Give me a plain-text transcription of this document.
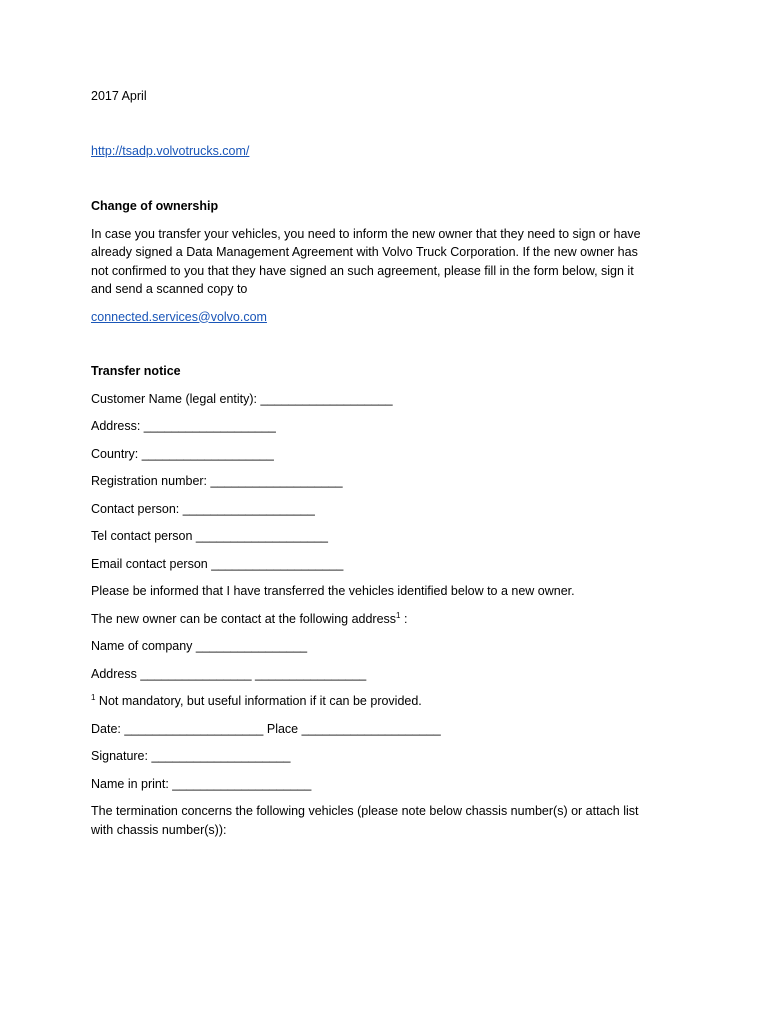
2017 April

http://tsadp.volvotrucks.com/

Change of ownership

In case you transfer your vehicles, you need to inform the new owner that they need to sign or have
already signed a Data Management Agreement with Volvo Truck Corporation. If the new owner has
not confirmed to you that they have signed an such agreement, please fill in the form below, sign it
and send a scanned copy to

connected.services@volvo.com

Transfer notice

Customer Name (legal entity): ___________________

Address: ___________________

Country: ___________________

Registration number: ___________________

Contact person: ___________________

Tel contact person ___________________

Email contact person ___________________

Please be informed that I have transferred the vehicles identified below to a new owner.

The new owner can be contact at the following address$^1$ :

Name of company ________________

Address ________________ ________________

$^1$ Not mandatory, but useful information if it can be provided.

Date: ____________________ Place ____________________

Signature: ____________________

Name in print: ____________________

The termination concerns the following vehicles (please note below chassis number(s) or attach list
with chassis number(s)):
